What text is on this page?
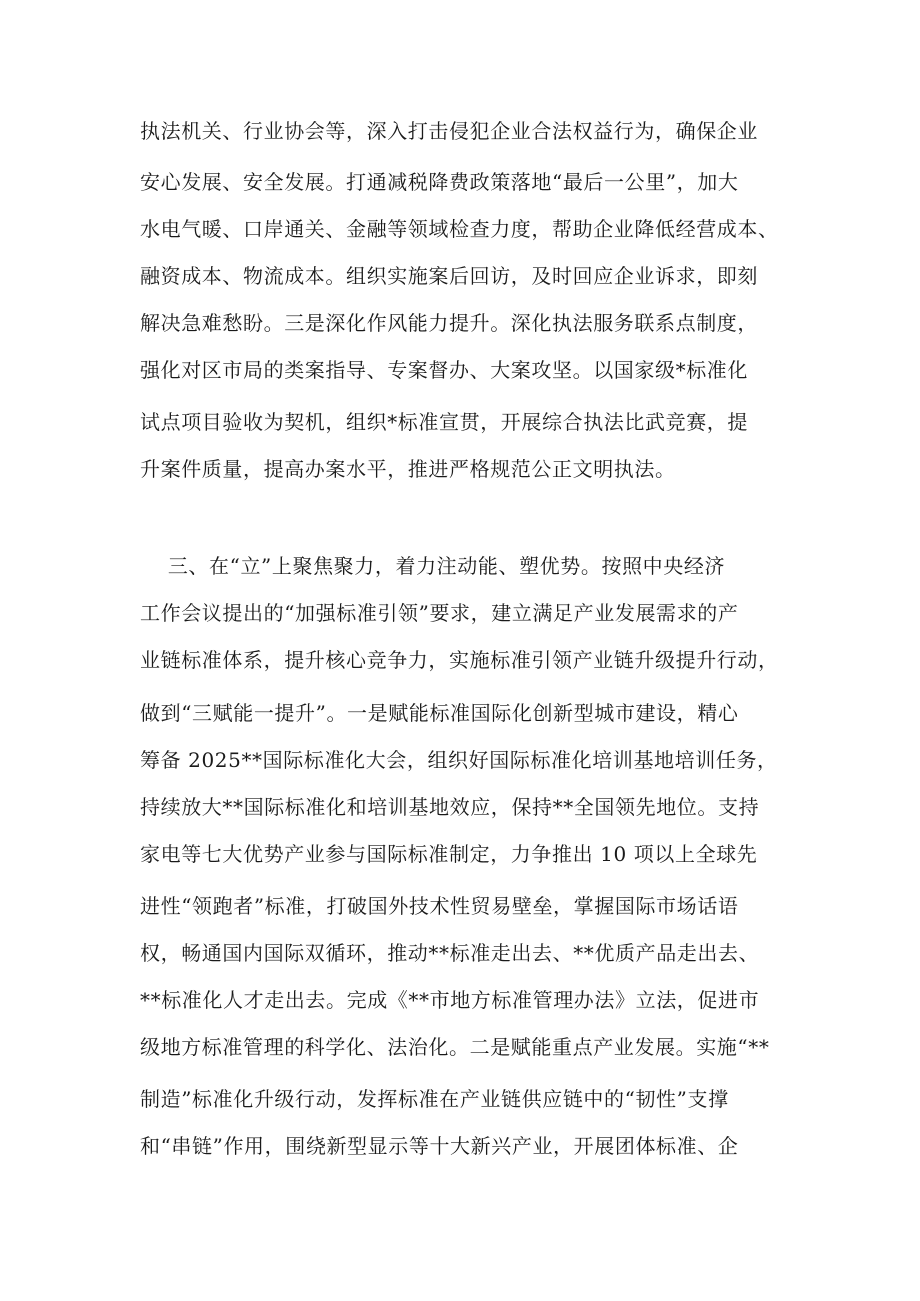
执法机关、行业协会等，深入打击侵犯企业合法权益行为，确保企业
安心发展、安全发展。打通减税降费政策落地“最后一公里”，加大
水电气暖、口岸通关、金融等领域检查力度，帮助企业降低经营成本、
融资成本、物流成本。组织实施案后回访，及时回应企业诉求，即刻
解决急难愁盼。三是深化作风能力提升。深化执法服务联系点制度，
强化对区市局的类案指导、专案督办、大案攻坚。以国家级*标准化
试点项目验收为契机，组织*标准宣贯，开展综合执法比武竞赛，提
升案件质量，提高办案水平，推进严格规范公正文明执法。
三、在“立”上聚焦聚力，着力注动能、塑优势。按照中央经济
工作会议提出的“加强标准引领”要求，建立满足产业发展需求的产
业链标准体系，提升核心竞争力，实施标准引领产业链升级提升行动，
做到“三赋能一提升”。一是赋能标准国际化创新型城市建设，精心
筹备 2025**国际标准化大会，组织好国际标准化培训基地培训任务，
持续放大**国际标准化和培训基地效应，保持**全国领先地位。支持
家电等七大优势产业参与国际标准制定，力争推出 10 项以上全球先
进性“领跑者”标准，打破国外技术性贸易壁垒，掌握国际市场话语
权，畅通国内国际双循环，推动**标准走出去、**优质产品走出去、
**标准化人才走出去。完成《**市地方标准管理办法》立法，促进市
级地方标准管理的科学化、法治化。二是赋能重点产业发展。实施“**
制造”标准化升级行动，发挥标准在产业链供应链中的“韧性”支撑
和“串链”作用，围绕新型显示等十大新兴产业，开展团体标准、企
